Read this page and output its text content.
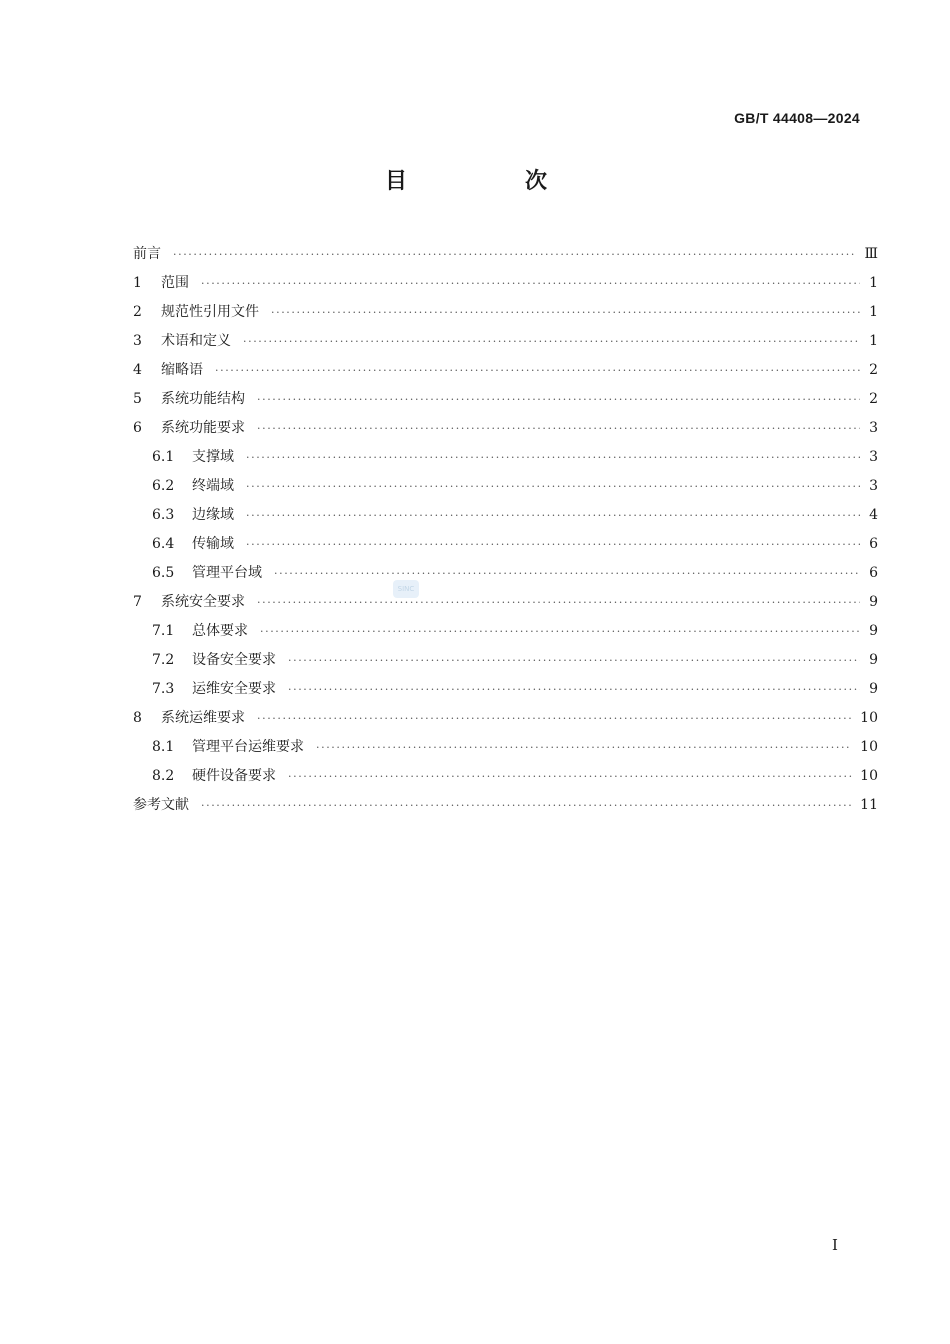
GB/T 44408—2024
目　次
前言 ·····	Ⅲ
1	范围 ·····	1
2	规范性引用文件 ·····	1
3	术语和定义 ·····	1
4	缩略语 ·····	2
5	系统功能结构 ·····	2
6	系统功能要求 ·····	3
6.1	支撑域 ·····	3
6.2	终端域 ·····	3
6.3	边缘域 ·····	4
6.4	传输域 ·····	6
6.5	管理平台域 ·····	6
7	系统安全要求 ·····	9
7.1	总体要求 ·····	9
7.2	设备安全要求 ·····	9
7.3	运维安全要求 ·····	9
8	系统运维要求 ·····	10
8.1	管理平台运维要求 ·····	10
8.2	硬件设备要求 ·····	10
参考文献 ·····	11
SINC
Ⅰ
